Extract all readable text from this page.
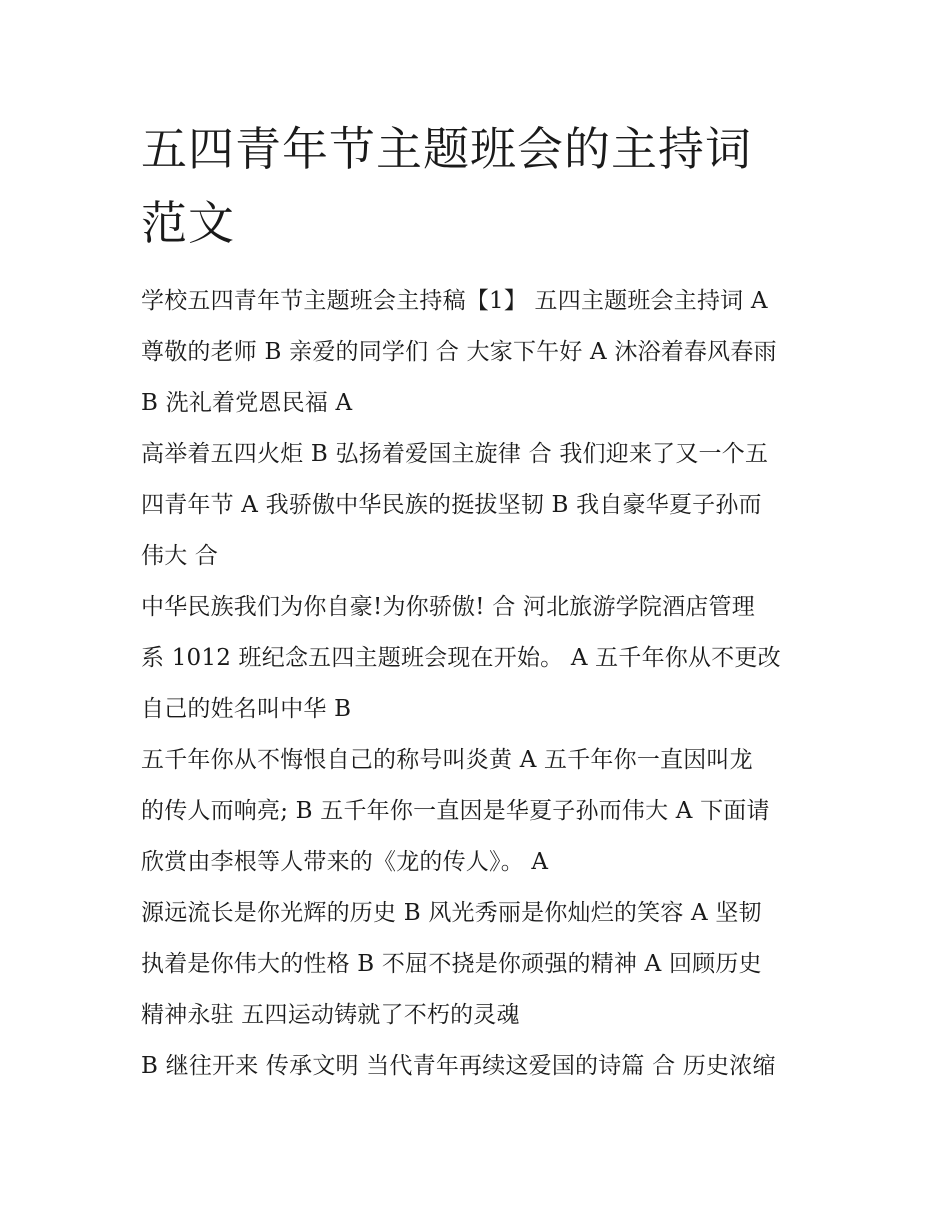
五四青年节主题班会的主持词
范文
学校五四青年节主题班会主持稿【1】 五四主题班会主持词 A
尊敬的老师 B 亲爱的同学们 合 大家下午好 A 沐浴着春风春雨
B 洗礼着党恩民福 A
高举着五四火炬 B 弘扬着爱国主旋律 合 我们迎来了又一个五
四青年节 A 我骄傲中华民族的挺拔坚韧 B 我自豪华夏子孙而
伟大 合
中华民族我们为你自豪!为你骄傲! 合 河北旅游学院酒店管理
系 1012 班纪念五四主题班会现在开始。 A 五千年你从不更改
自己的姓名叫中华 B
五千年你从不悔恨自己的称号叫炎黄 A 五千年你一直因叫龙
的传人而响亮; B 五千年你一直因是华夏子孙而伟大 A 下面请
欣赏由李根等人带来的《龙的传人》。 A
源远流长是你光辉的历史 B 风光秀丽是你灿烂的笑容 A 坚韧
执着是你伟大的性格 B 不屈不挠是你顽强的精神 A 回顾历史
精神永驻 五四运动铸就了不朽的灵魂
B 继往开来 传承文明 当代青年再续这爱国的诗篇 合 历史浓缩
